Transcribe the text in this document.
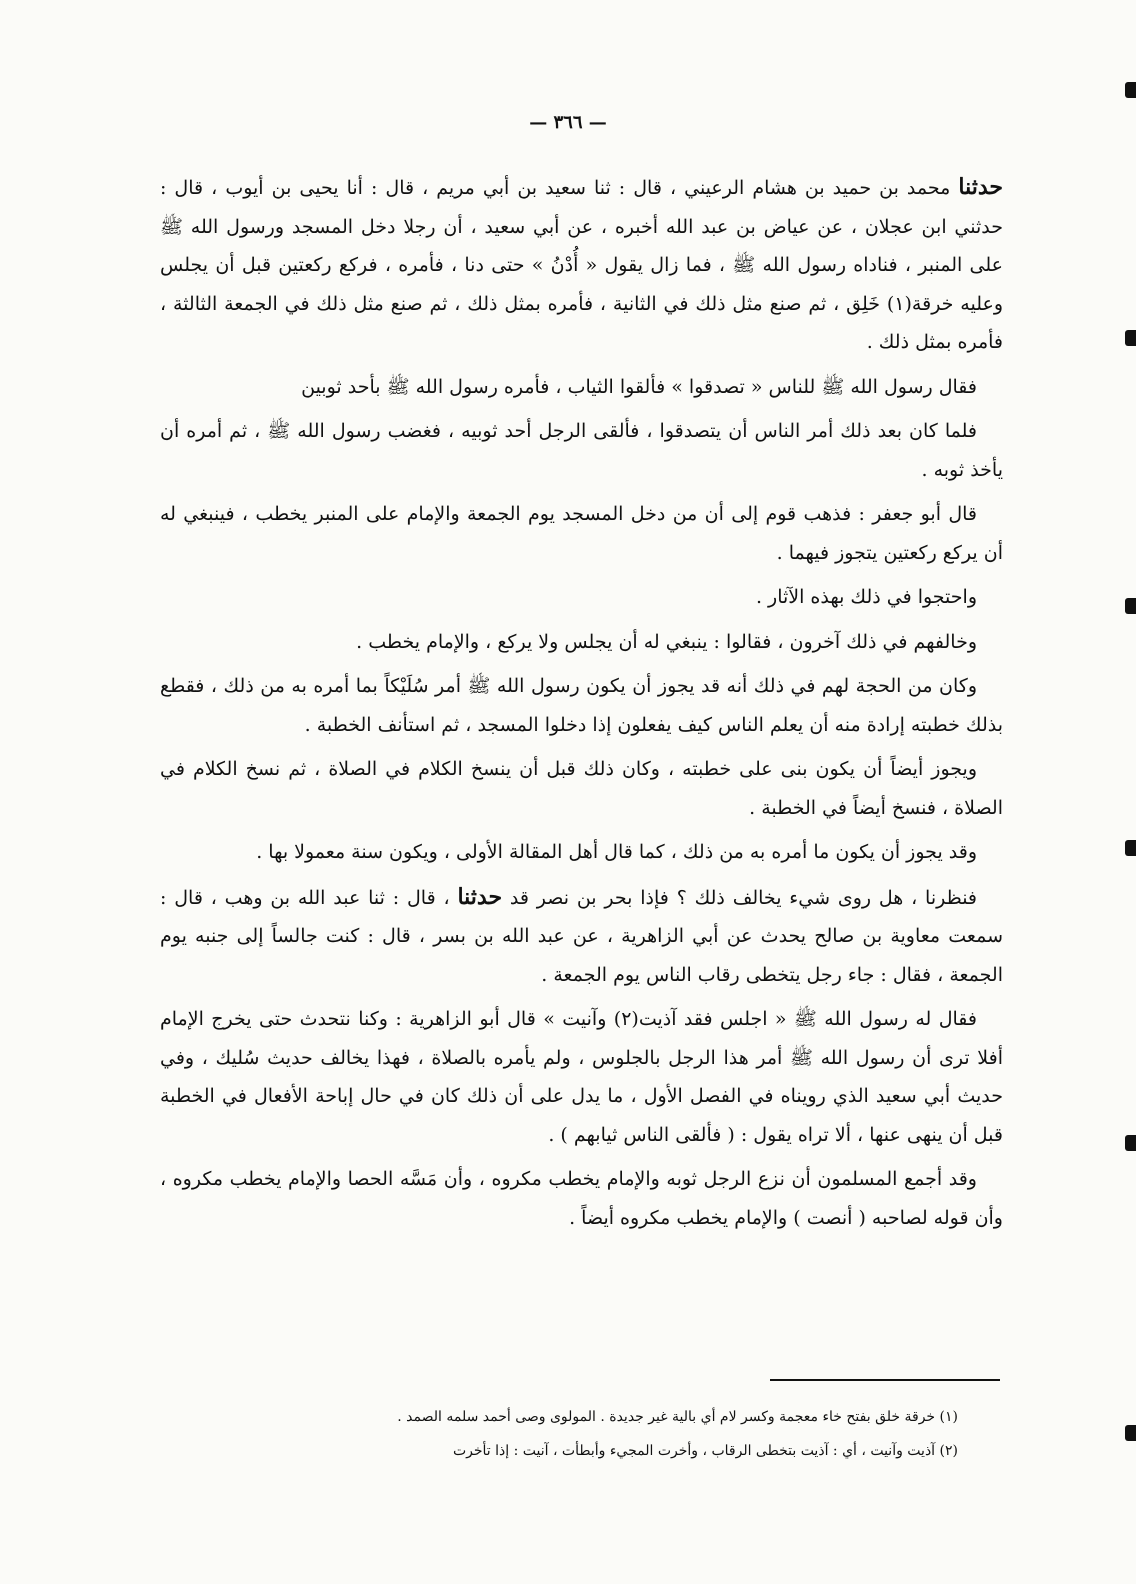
— ٣٦٦ —

حدثنا محمد بن حميد بن هشام الرعيني ، قال : ثنا سعيد بن أبي مريم ، قال : أنا يحيى بن أيوب ، قال : حدثني ابن عجلان ، عن عياض بن عبد الله أخبره ، عن أبي سعيد ، أن رجلا دخل المسجد ورسول الله ﷺ على المنبر ، فناداه رسول الله ﷺ ، فما زال يقول « أُدْنُ » حتى دنا ، فأمره ، فركع ركعتين قبل أن يجلس وعليه خرقة(١) خَلِق ، ثم صنع مثل ذلك في الثانية ، فأمره بمثل ذلك ، ثم صنع مثل ذلك في الجمعة الثالثة ، فأمره بمثل ذلك .

فقال رسول الله ﷺ للناس « تصدقوا » فألقوا الثياب ، فأمره رسول الله ﷺ بأحد ثوبين

فلما كان بعد ذلك أمر الناس أن يتصدقوا ، فألقى الرجل أحد ثوبيه ، فغضب رسول الله ﷺ ، ثم أمره أن يأخذ ثوبه .

قال أبو جعفر : فذهب قوم إلى أن من دخل المسجد يوم الجمعة والإمام على المنبر يخطب ، فينبغي له أن يركع ركعتين يتجوز فيهما .

واحتجوا في ذلك بهذه الآثار .

وخالفهم في ذلك آخرون ، فقالوا : ينبغي له أن يجلس ولا يركع ، والإمام يخطب .

وكان من الحجة لهم في ذلك أنه قد يجوز أن يكون رسول الله ﷺ أمر سُلَيْكاً بما أمره به من ذلك ، فقطع بذلك خطبته إرادة منه أن يعلم الناس كيف يفعلون إذا دخلوا المسجد ، ثم استأنف الخطبة .

ويجوز أيضاً أن يكون بنى على خطبته ، وكان ذلك قبل أن ينسخ الكلام في الصلاة ، ثم نسخ الكلام في الصلاة ، فنسخ أيضاً في الخطبة .

وقد يجوز أن يكون ما أمره به من ذلك ، كما قال أهل المقالة الأولى ، ويكون سنة معمولا بها .

فنظرنا ، هل روى شيء يخالف ذلك ؟ فإذا بحر بن نصر قد حدثنا ، قال : ثنا عبد الله بن وهب ، قال : سمعت معاوية بن صالح يحدث عن أبي الزاهرية ، عن عبد الله بن بسر ، قال : كنت جالساً إلى جنبه يوم الجمعة ، فقال : جاء رجل يتخطى رقاب الناس يوم الجمعة .

فقال له رسول الله ﷺ « اجلس فقد آذيت(٢) وآنيت » قال أبو الزاهرية : وكنا نتحدث حتى يخرج الإمام أفلا ترى أن رسول الله ﷺ أمر هذا الرجل بالجلوس ، ولم يأمره بالصلاة ، فهذا يخالف حديث سُليك ، وفي حديث أبي سعيد الذي رويناه في الفصل الأول ، ما يدل على أن ذلك كان في حال إباحة الأفعال في الخطبة قبل أن ينهى عنها ، ألا تراه يقول : ( فألقى الناس ثيابهم ) .

وقد أجمع المسلمون أن نزع الرجل ثوبه والإمام يخطب مكروه ، وأن مَسَّه الحصا والإمام يخطب مكروه ، وأن قوله لصاحبه ( أنصت ) والإمام يخطب مكروه أيضاً .

(١) خرقة خلق بفتح خاء معجمة وكسر لام أي بالية غير جديدة . المولوى وصى أحمد سلمه الصمد .

(٢) آذيت وآنيت ، أي : آذيت بتخطى الرقاب ، وأخرت المجيء وأبطأت ، آنيت : إذا تأخرت
